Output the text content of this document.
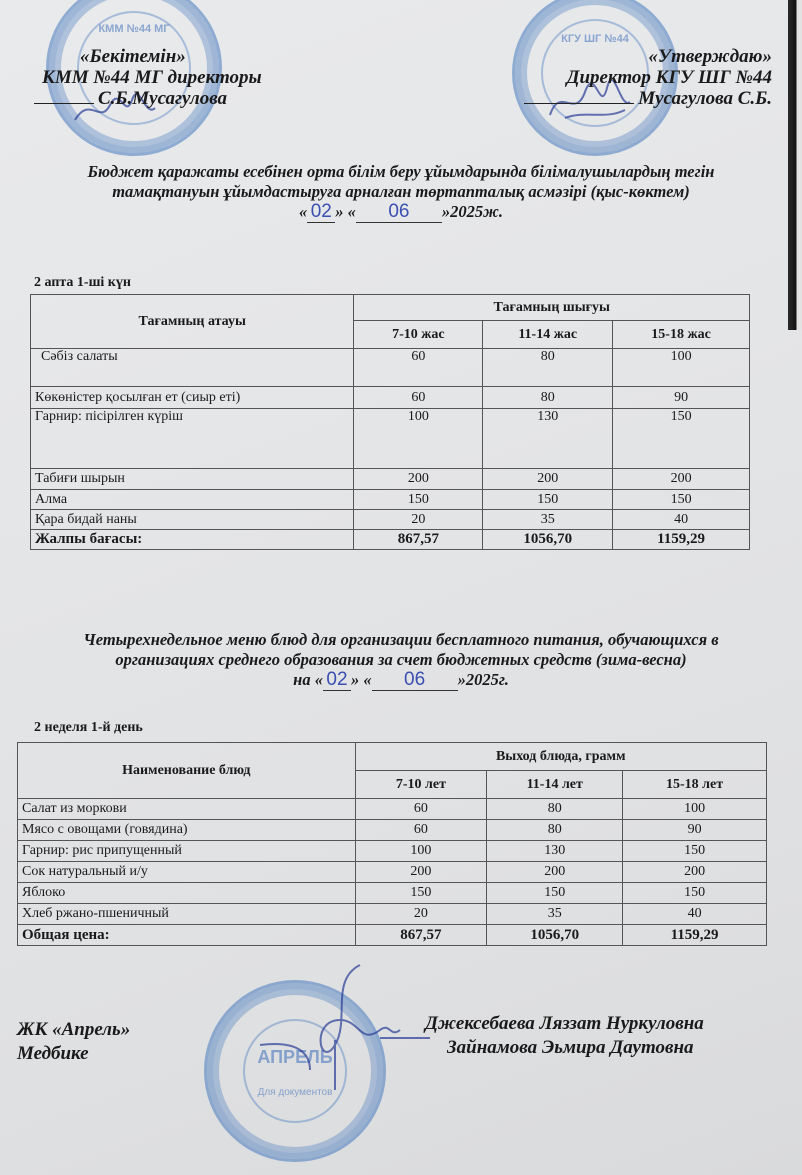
КММ №44 МГ
КГУ ШГ №44
«Бекітемін»
КММ №44 МГ директоры
С.Б.Мусагулова
«Утверждаю»
Директор КГУ ШГ №44
Мусагулова С.Б.
Бюджет қаражаты есебінен орта білім беру ұйымдарында білімалушылардың тегін
тамақтануын ұйымдастыруға арналған төртапталық асмәзірі (қыс-көктем)
« 02 » « 06 »2025ж.
2 апта 1-ші күн
Тағамның атауы	Тағамның шығуы		
	7-10 жас	11-14 жас	15-18 жас
Сәбіз салаты	60	80	100
Көкөністер қосылған ет (сиыр еті)	60	80	90
Гарнир: пісірілген күріш	100	130	150
Табиғи шырын	200	200	200
Алма	150	150	150
Қара бидай наны	20	35	40
Жалпы бағасы:	867,57	1056,70	1159,29
Четырехнедельное меню блюд для организации бесплатного питания, обучающихся в
организациях среднего образования за счет бюджетных средств (зима-весна)
на « 02 » « 06 »2025г.
2 неделя 1-й день
Наименование блюд	Выход блюда, грамм		
	7-10 лет	11-14 лет	15-18 лет
Салат из моркови	60	80	100
Мясо с овощами (говядина)	60	80	90
Гарнир: рис припущенный	100	130	150
Сок натуральный и/у	200	200	200
Яблоко	150	150	150
Хлеб ржано-пшеничный	20	35	40
Общая цена:	867,57	1056,70	1159,29
АПРЕЛЬ
Для документов
ЖК «Апрель»
Медбике
Джексебаева Ляззат Нуркуловна
Зайнамова Эьмира Даутовна
